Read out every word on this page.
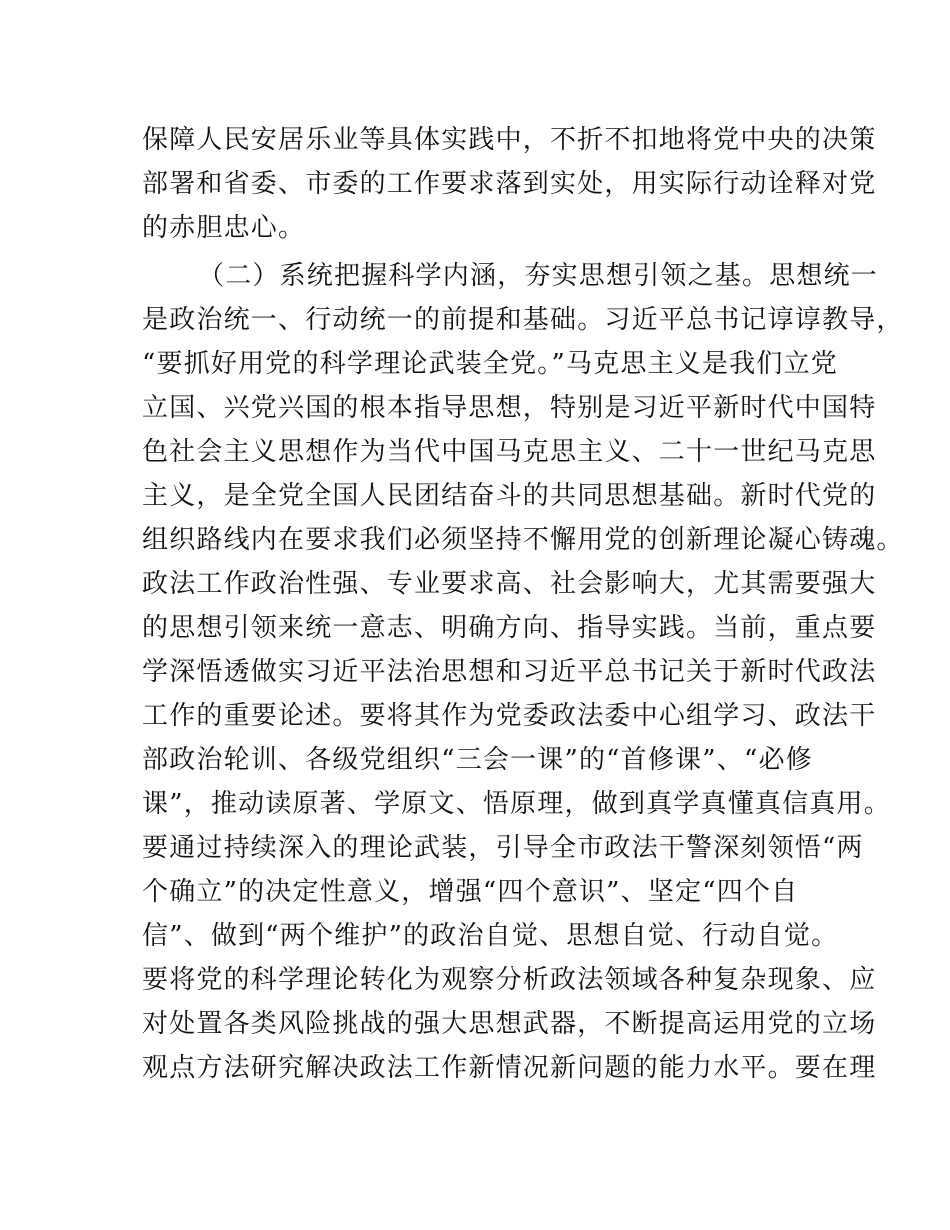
保障人民安居乐业等具体实践中，不折不扣地将党中央的决策
部署和省委、市委的工作要求落到实处，用实际行动诠释对党
的赤胆忠心。
（二）系统把握科学内涵，夯实思想引领之基。思想统一
是政治统一、行动统一的前提和基础。习近平总书记谆谆教导，
“要抓好用党的科学理论武装全党。”马克思主义是我们立党
立国、兴党兴国的根本指导思想，特别是习近平新时代中国特
色社会主义思想作为当代中国马克思主义、二十一世纪马克思
主义，是全党全国人民团结奋斗的共同思想基础。新时代党的
组织路线内在要求我们必须坚持不懈用党的创新理论凝心铸魂。
政法工作政治性强、专业要求高、社会影响大，尤其需要强大
的思想引领来统一意志、明确方向、指导实践。当前，重点要
学深悟透做实习近平法治思想和习近平总书记关于新时代政法
工作的重要论述。要将其作为党委政法委中心组学习、政法干
部政治轮训、各级党组织“三会一课”的“首修课”、“必修
课”，推动读原著、学原文、悟原理，做到真学真懂真信真用。
要通过持续深入的理论武装，引导全市政法干警深刻领悟“两
个确立”的决定性意义，增强“四个意识”、坚定“四个自
信”、做到“两个维护”的政治自觉、思想自觉、行动自觉。
要将党的科学理论转化为观察分析政法领域各种复杂现象、应
对处置各类风险挑战的强大思想武器，不断提高运用党的立场
观点方法研究解决政法工作新情况新问题的能力水平。要在理
